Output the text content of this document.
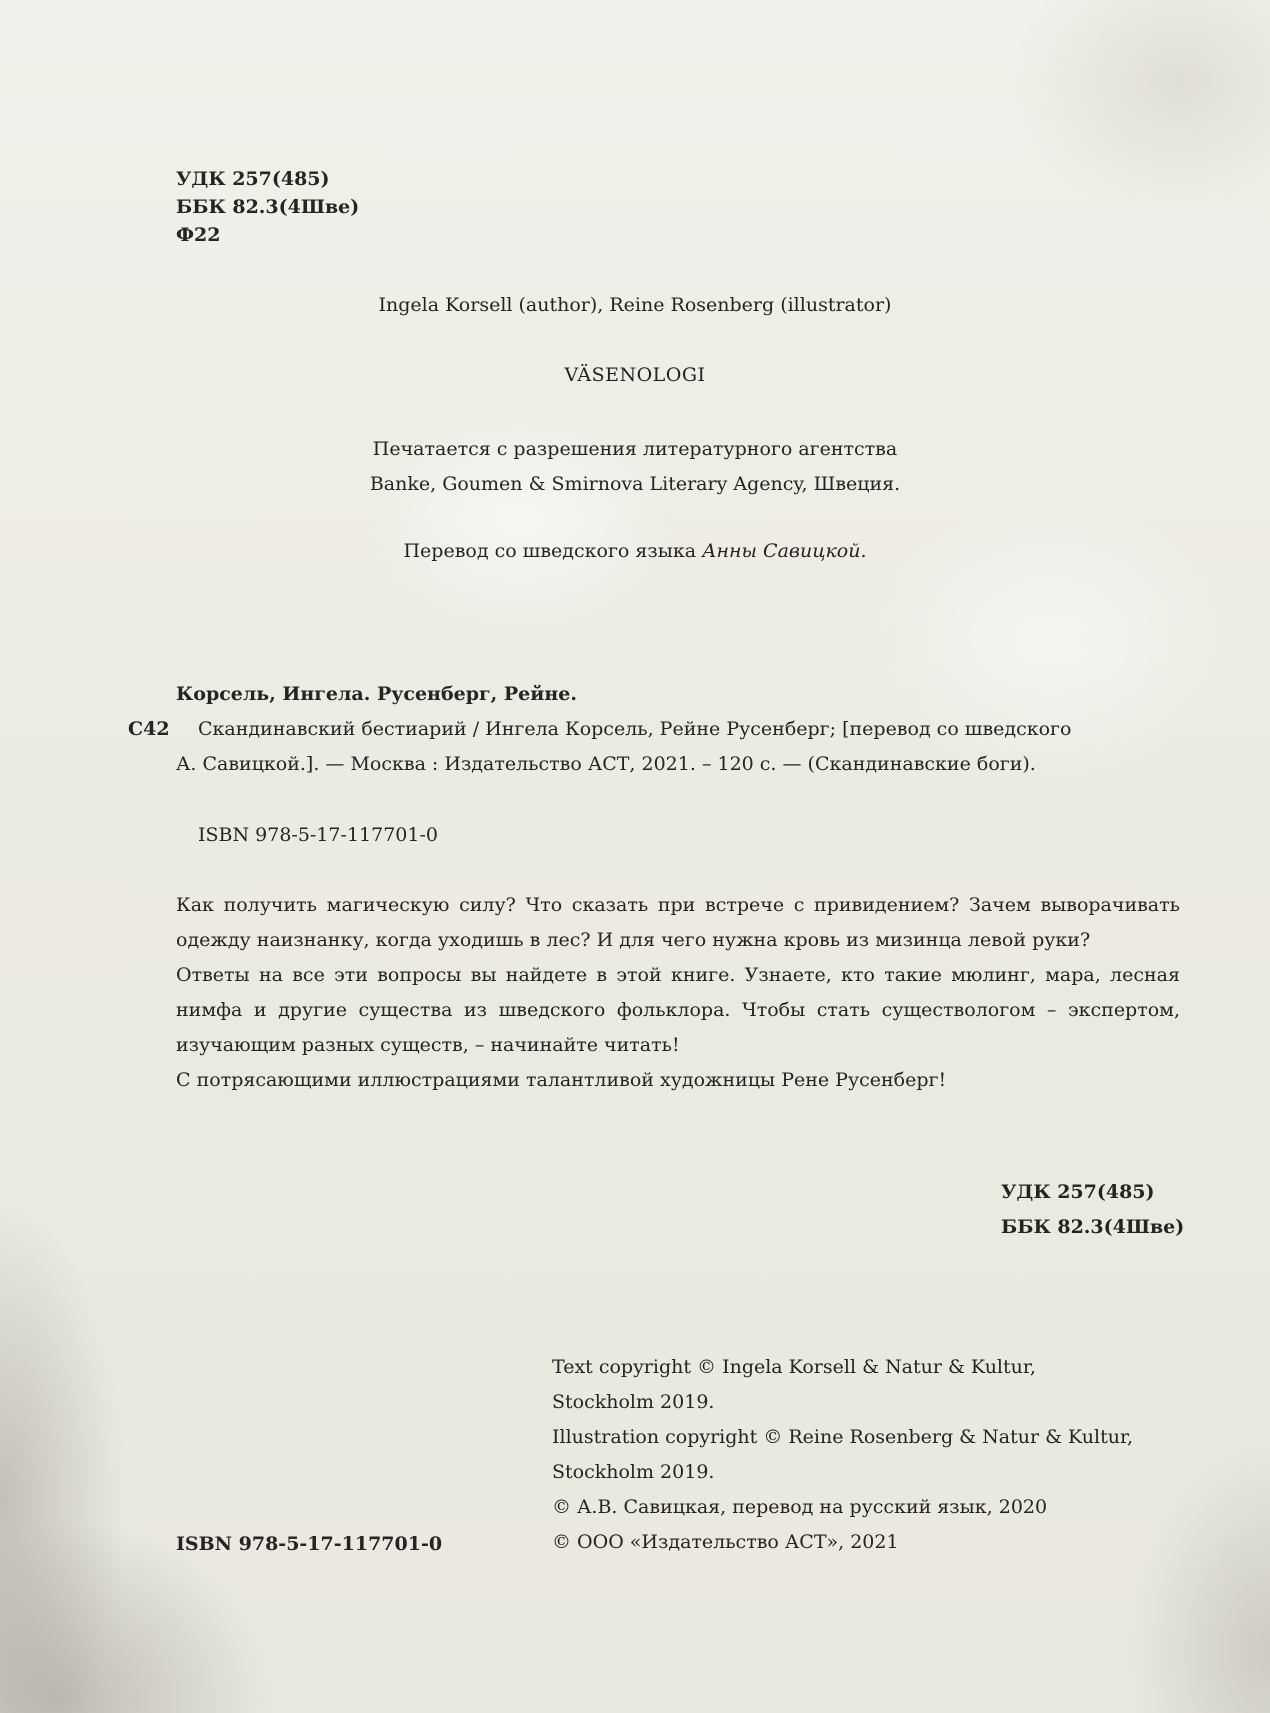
УДК 257(485)
ББК 82.3(4Шве)
Ф22
Ingela Korsell (author), Reine Rosenberg (illustrator)
VÄSENOLOGI
Печатается с разрешения литературного агентства
Banke, Goumen & Smirnova Literary Agency, Швеция.
Перевод со шведского языка Анны Савицкой.
Корсель, Ингела. Русенберг, Рейне.
С42 Скандинавский бестиарий / Ингела Корсель, Рейне Русенберг; [перевод со шведского
А. Савицкой.]. — Москва : Издательство АСТ, 2021. – 120 с. — (Скандинавские боги).
ISBN 978-5-17-117701-0

Как получить магическую силу? Что сказать при встрече с привидением? Зачем выворачивать одежду наизнанку, когда уходишь в лес? И для чего нужна кровь из мизинца левой руки?

Ответы на все эти вопросы вы найдете в этой книге. Узнаете, кто такие мюлинг, мара, лесная нимфа и другие существа из шведского фольклора. Чтобы стать существологом – экспертом, изучающим разных существ, – начинайте читать!

С потрясающими иллюстрациями талантливой художницы Рене Русенберг!

УДК 257(485)
ББК 82.3(4Шве)
Text copyright © Ingela Korsell & Natur & Kultur,
Stockholm 2019.
Illustration copyright © Reine Rosenberg & Natur & Kultur,
Stockholm 2019.
© А.В. Савицкая, перевод на русский язык, 2020
© ООО «Издательство АСТ», 2021
ISBN 978-5-17-117701-0
